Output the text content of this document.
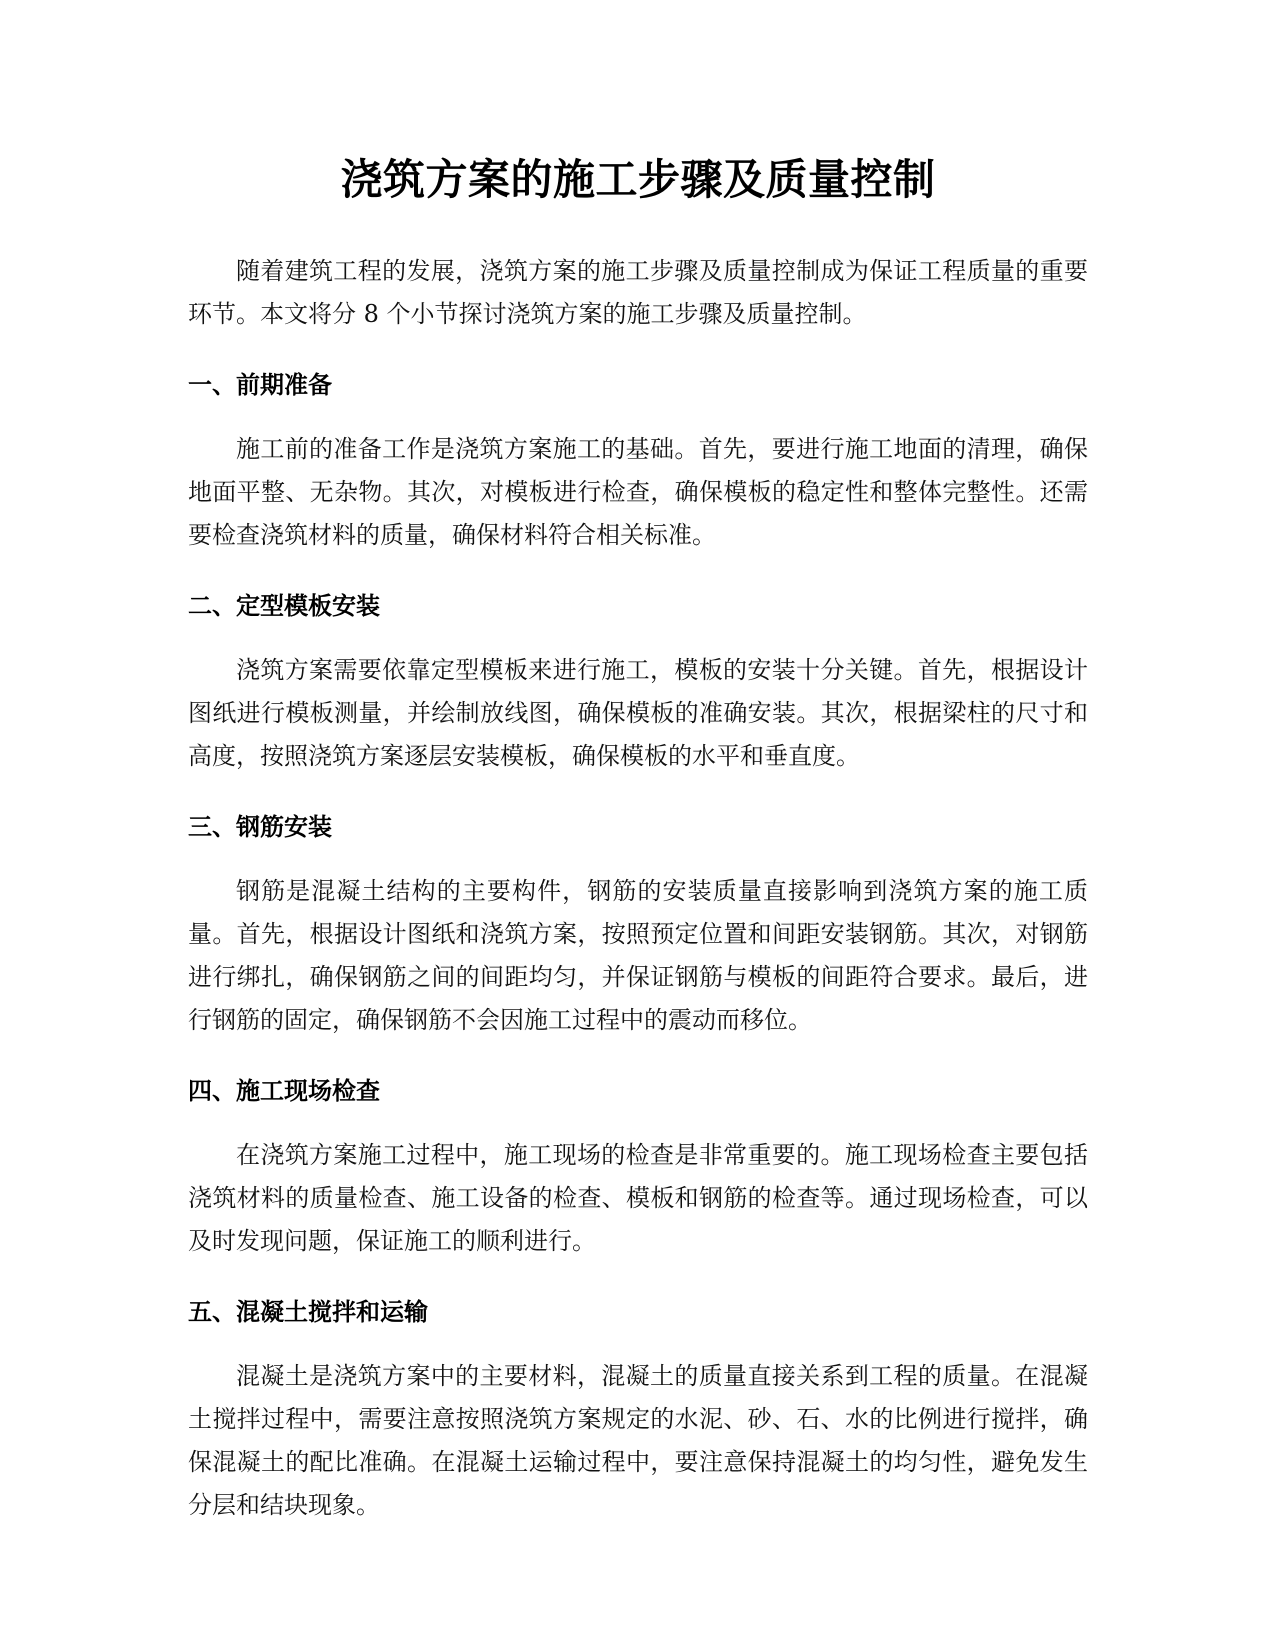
浇筑方案的施工步骤及质量控制

随着建筑工程的发展，浇筑方案的施工步骤及质量控制成为保证工程质量的重要环节。本文将分 8 个小节探讨浇筑方案的施工步骤及质量控制。

一、前期准备

施工前的准备工作是浇筑方案施工的基础。首先，要进行施工地面的清理，确保地面平整、无杂物。其次，对模板进行检查，确保模板的稳定性和整体完整性。还需要检查浇筑材料的质量，确保材料符合相关标准。

二、定型模板安装

浇筑方案需要依靠定型模板来进行施工，模板的安装十分关键。首先，根据设计图纸进行模板测量，并绘制放线图，确保模板的准确安装。其次，根据梁柱的尺寸和高度，按照浇筑方案逐层安装模板，确保模板的水平和垂直度。

三、钢筋安装

钢筋是混凝土结构的主要构件，钢筋的安装质量直接影响到浇筑方案的施工质量。首先，根据设计图纸和浇筑方案，按照预定位置和间距安装钢筋。其次，对钢筋进行绑扎，确保钢筋之间的间距均匀，并保证钢筋与模板的间距符合要求。最后，进行钢筋的固定，确保钢筋不会因施工过程中的震动而移位。

四、施工现场检查

在浇筑方案施工过程中，施工现场的检查是非常重要的。施工现场检查主要包括浇筑材料的质量检查、施工设备的检查、模板和钢筋的检查等。通过现场检查，可以及时发现问题，保证施工的顺利进行。

五、混凝土搅拌和运输

混凝土是浇筑方案中的主要材料，混凝土的质量直接关系到工程的质量。在混凝土搅拌过程中，需要注意按照浇筑方案规定的水泥、砂、石、水的比例进行搅拌，确保混凝土的配比准确。在混凝土运输过程中，要注意保持混凝土的均匀性，避免发生分层和结块现象。
